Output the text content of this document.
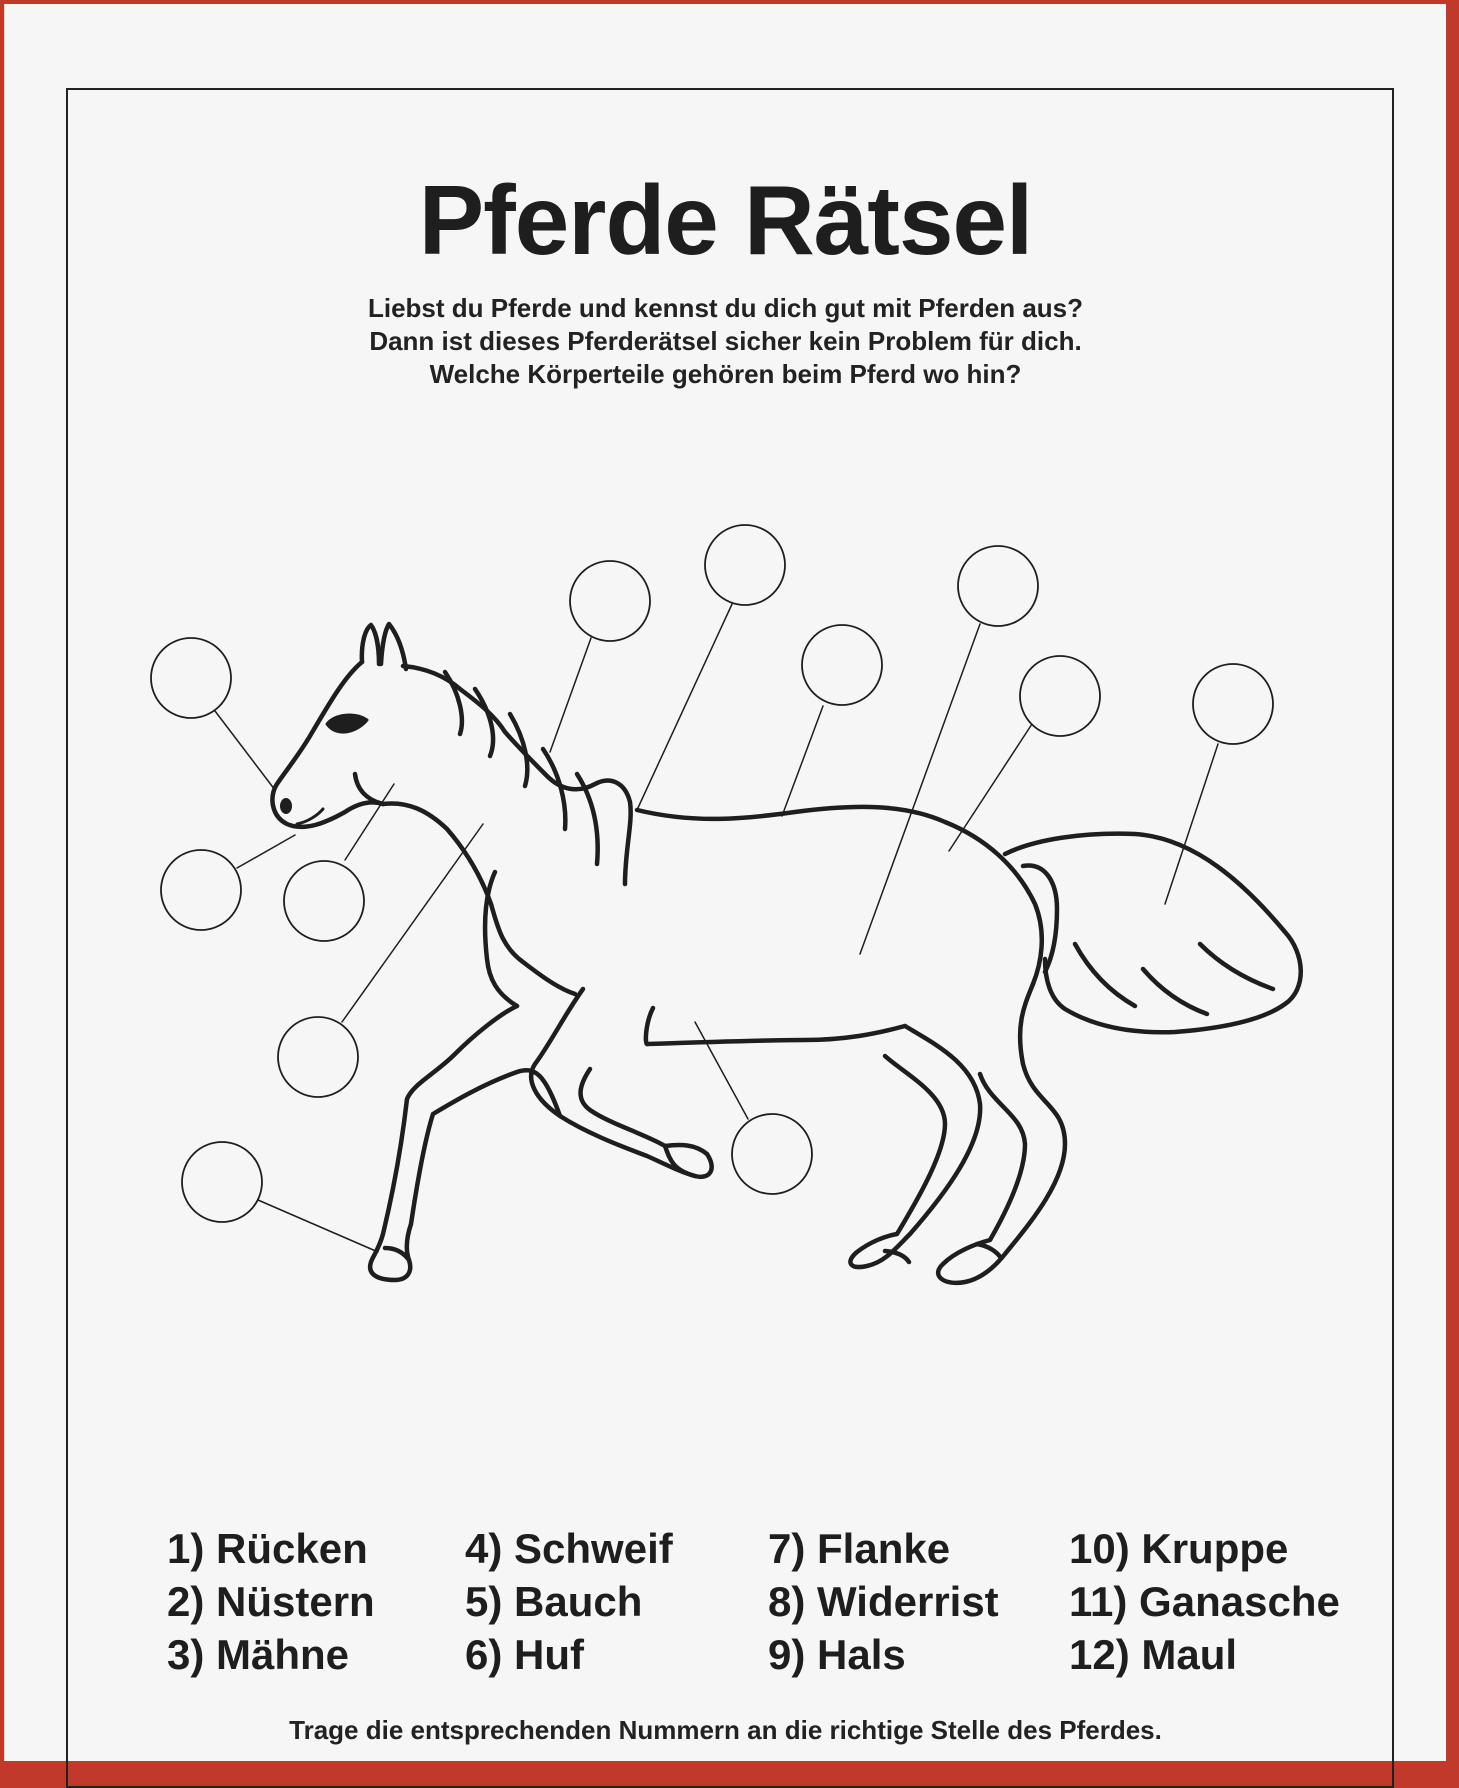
Pferde Rätsel
Liebst du Pferde und kennst du dich gut mit Pferden aus?
Dann ist dieses Pferderätsel sicher kein Problem für dich.
Welche Körperteile gehören beim Pferd wo hin?
1) Rücken
2) Nüstern
3) Mähne
4) Schweif
5) Bauch
6) Huf
7) Flanke
8) Widerrist
9) Hals
10) Kruppe
11) Ganasche
12) Maul
Trage die entsprechenden Nummern an die richtige Stelle des Pferdes.
